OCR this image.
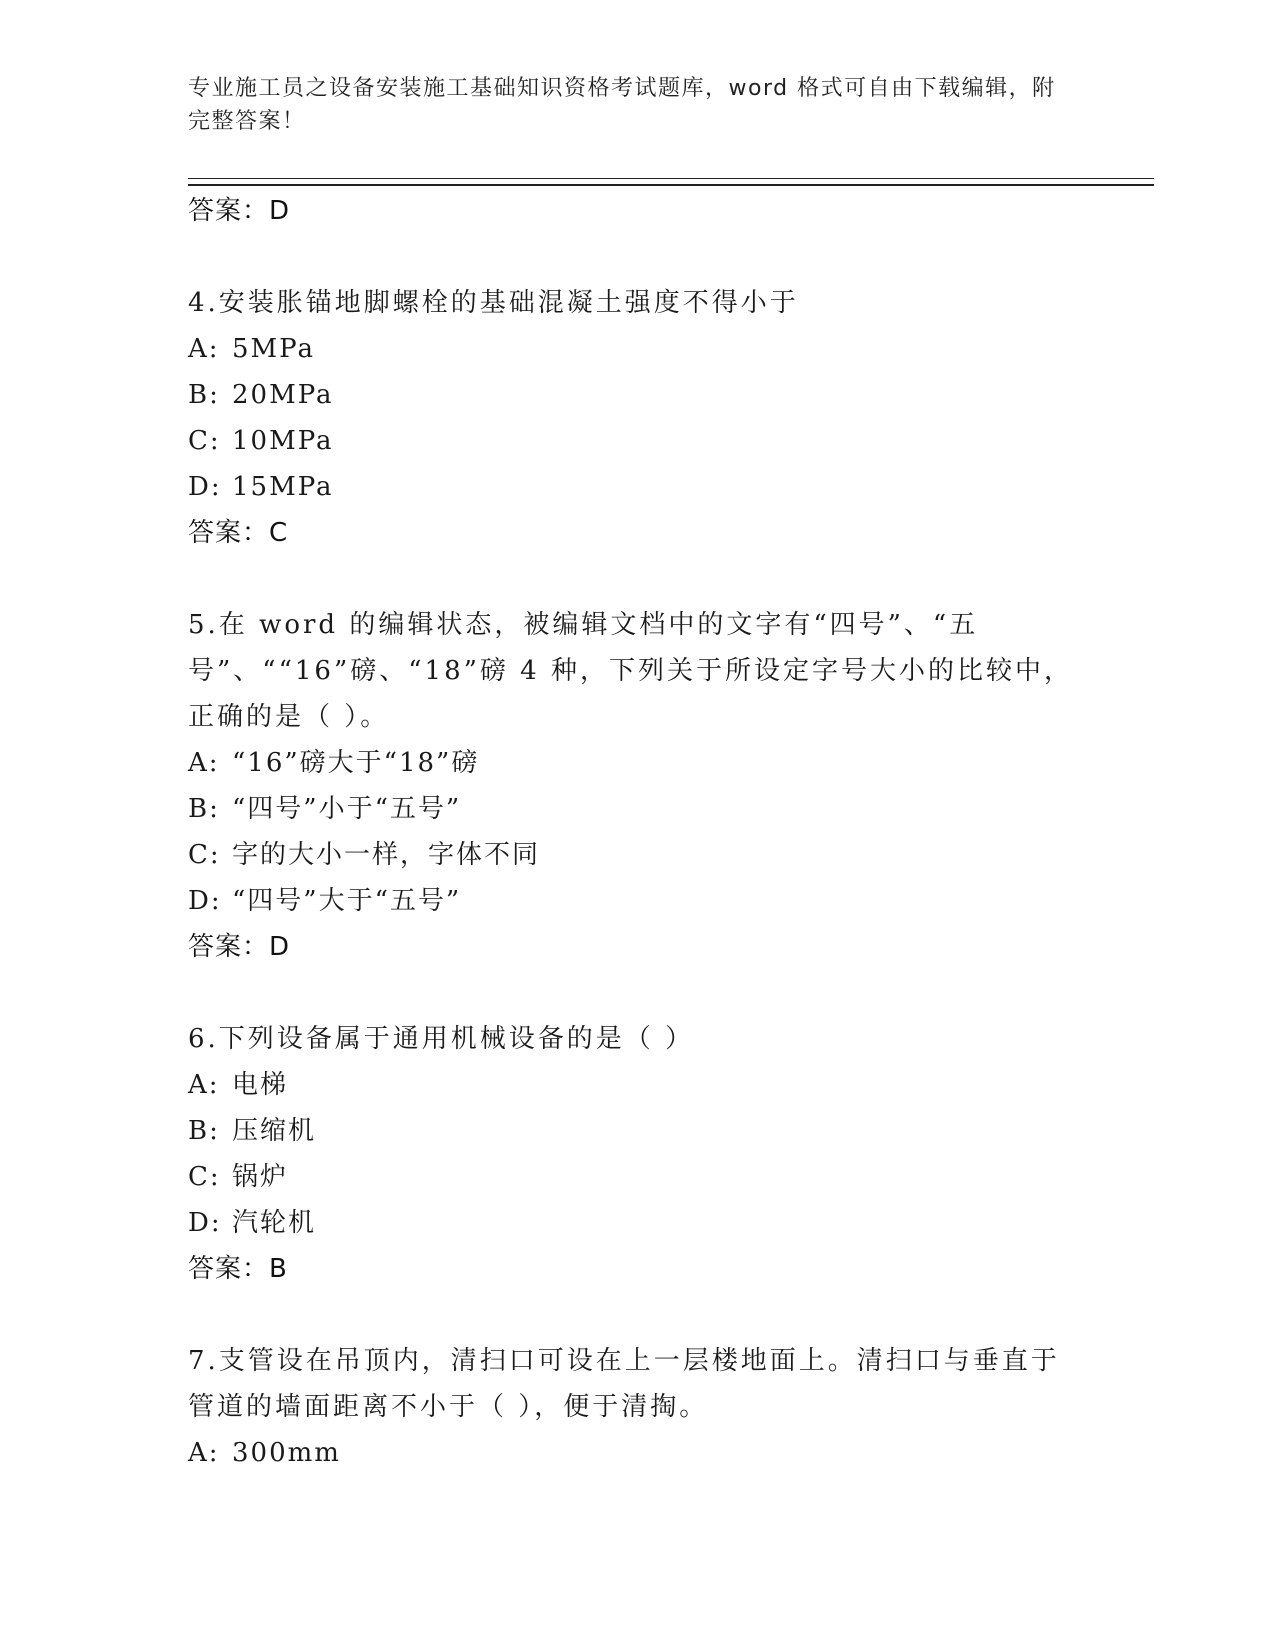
专业施工员之设备安装施工基础知识资格考试题库，word 格式可自由下载编辑，附完整答案！
答案：D
4.安装胀锚地脚螺栓的基础混凝土强度不得小于
A: 5MPa
B: 20MPa
C: 10MPa
D: 15MPa
答案：C
5.在 word 的编辑状态，被编辑文档中的文字有“四号”、“五号”、““16”磅、“18”磅 4 种，下列关于所设定字号大小的比较中，正确的是（ ）。
A: “16”磅大于“18”磅
B: “四号”小于“五号”
C: 字的大小一样，字体不同
D: “四号”大于“五号”
答案：D
6.下列设备属于通用机械设备的是（ ）
A: 电梯
B: 压缩机
C: 锅炉
D: 汽轮机
答案：B
7.支管设在吊顶内，清扫口可设在上一层楼地面上。清扫口与垂直于管道的墙面距离不小于（ ），便于清掏。
A: 300mm
